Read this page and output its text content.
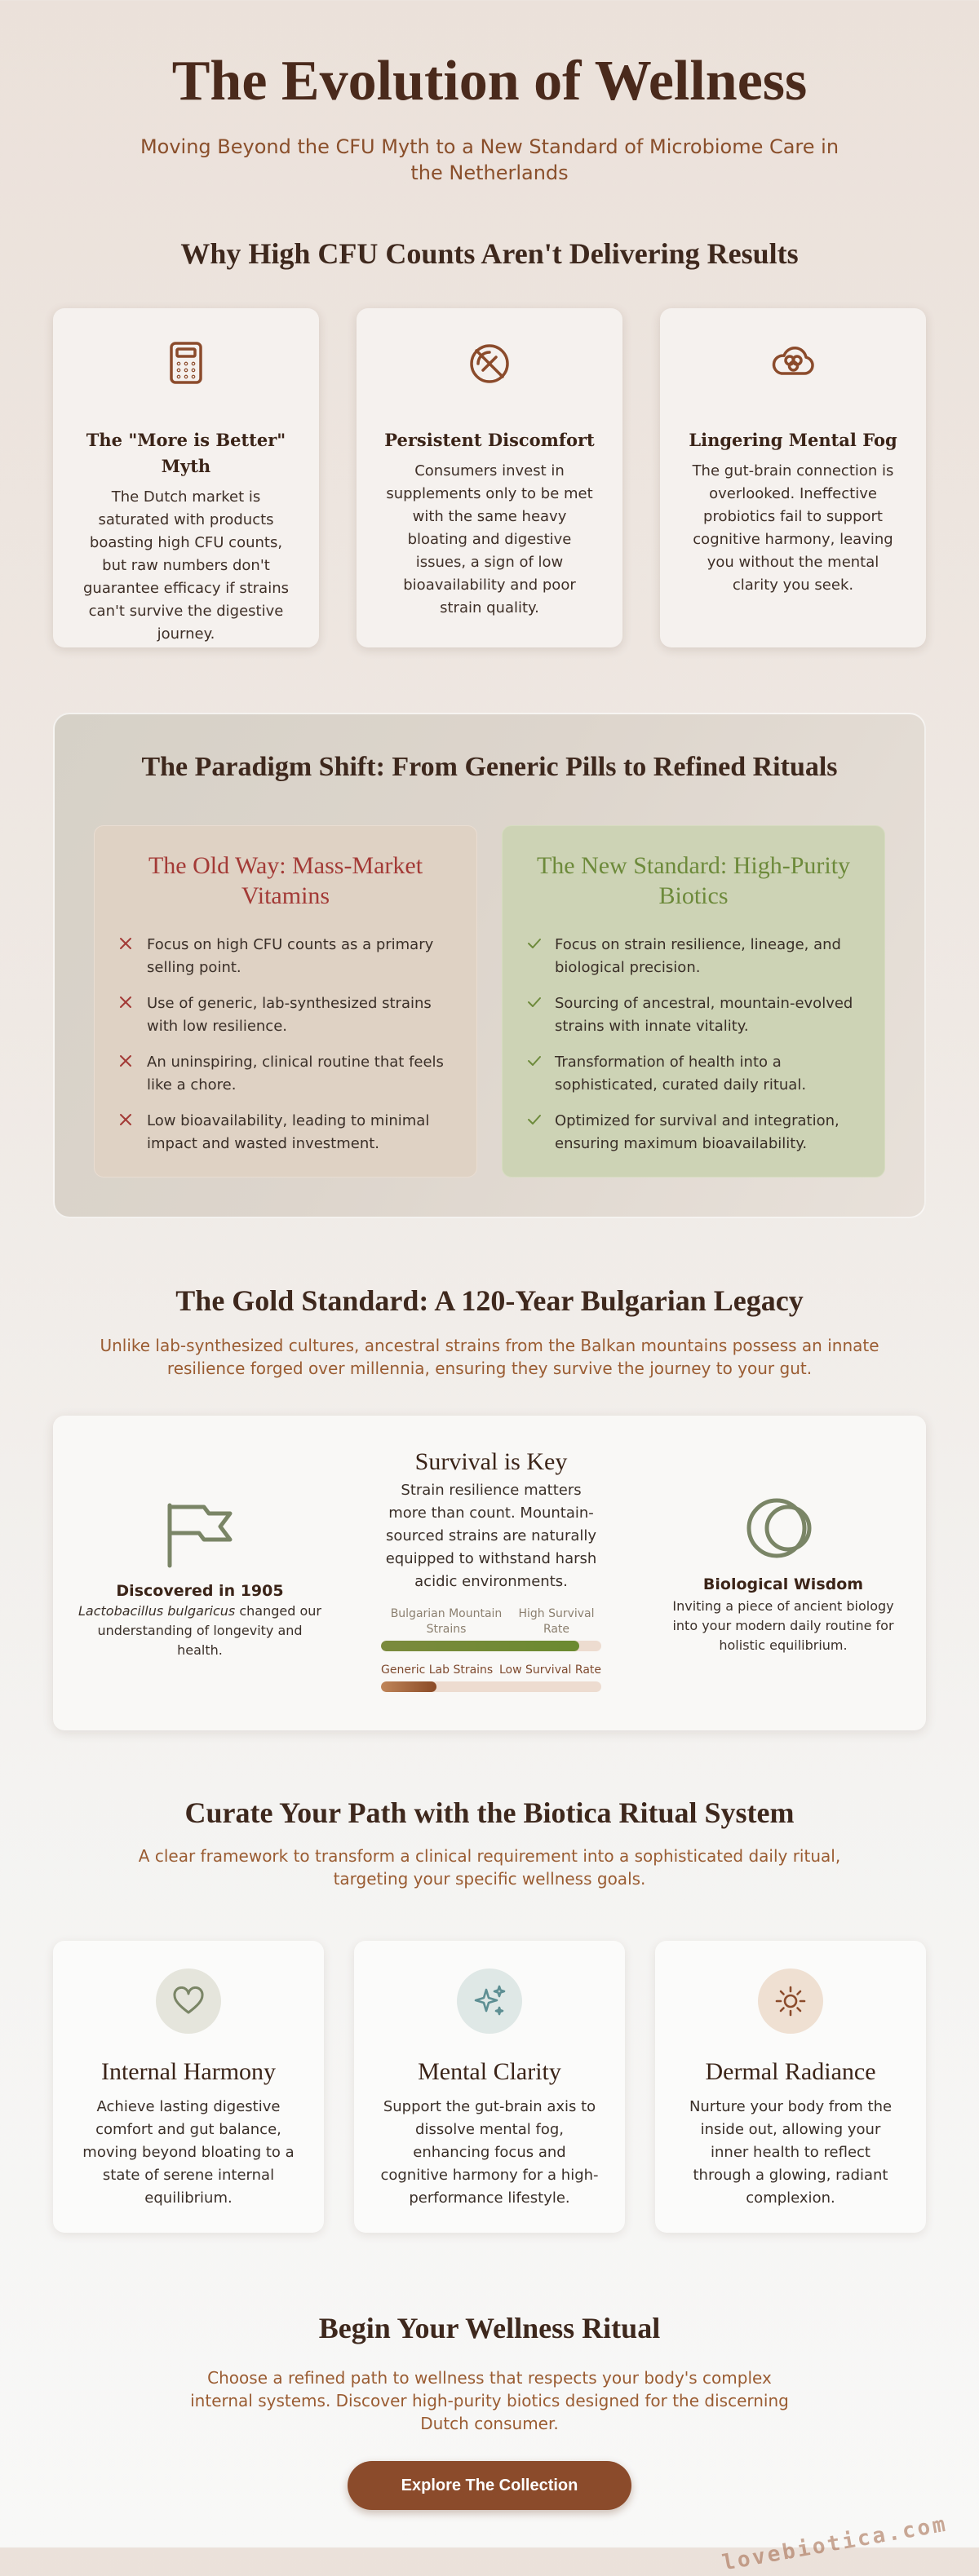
The Evolution of Wellness

Moving Beyond the CFU Myth to a New Standard of Microbiome Care in the Netherlands

Why High CFU Counts Aren't Delivering Results
The "More is Better" Myth

The Dutch market is saturated with products boasting high CFU counts, but raw numbers don't guarantee efficacy if strains can't survive the digestive journey.

Persistent Discomfort

Consumers invest in supplements only to be met with the same heavy bloating and digestive issues, a sign of low bioavailability and poor strain quality.

Lingering Mental Fog

The gut-brain connection is overlooked. Ineffective probiotics fail to support cognitive harmony, leaving you without the mental clarity you seek.

The Paradigm Shift: From Generic Pills to Refined Rituals
The Old Way: Mass-Market Vitamins
Focus on high CFU counts as a primary selling point.
Use of generic, lab-synthesized strains with low resilience.
An uninspiring, clinical routine that feels like a chore.
Low bioavailability, leading to minimal impact and wasted investment.
The New Standard: High-Purity Biotics
Focus on strain resilience, lineage, and biological precision.
Sourcing of ancestral, mountain-evolved strains with innate vitality.
Transformation of health into a sophisticated, curated daily ritual.
Optimized for survival and integration, ensuring maximum bioavailability.
The Gold Standard: A 120-Year Bulgarian Legacy

Unlike lab-synthesized cultures, ancestral strains from the Balkan mountains possess an innate resilience forged over millennia, ensuring they survive the journey to your gut.

Discovered in 1905

Lactobacillus bulgaricus changed our understanding of longevity and health.

Survival is Key

Strain resilience matters more than count. Mountain-sourced strains are naturally equipped to withstand harsh acidic environments.

Bulgarian Mountain Strains
High Survival Rate
Generic Lab Strains Low Survival Rate
Biological Wisdom

Inviting a piece of ancient biology into your modern daily routine for holistic equilibrium.

Curate Your Path with the Biotica Ritual System

A clear framework to transform a clinical requirement into a sophisticated daily ritual, targeting your specific wellness goals.

Internal Harmony

Achieve lasting digestive comfort and gut balance, moving beyond bloating to a state of serene internal equilibrium.

Mental Clarity

Support the gut-brain axis to dissolve mental fog, enhancing focus and cognitive harmony for a high-performance lifestyle.

Dermal Radiance

Nurture your body from the inside out, allowing your inner health to reflect through a glowing, radiant complexion.

Begin Your Wellness Ritual

Choose a refined path to wellness that respects your body's complex internal systems. Discover high-purity biotics designed for the discerning Dutch consumer.

Explore The Collection
lovebiotica.com
